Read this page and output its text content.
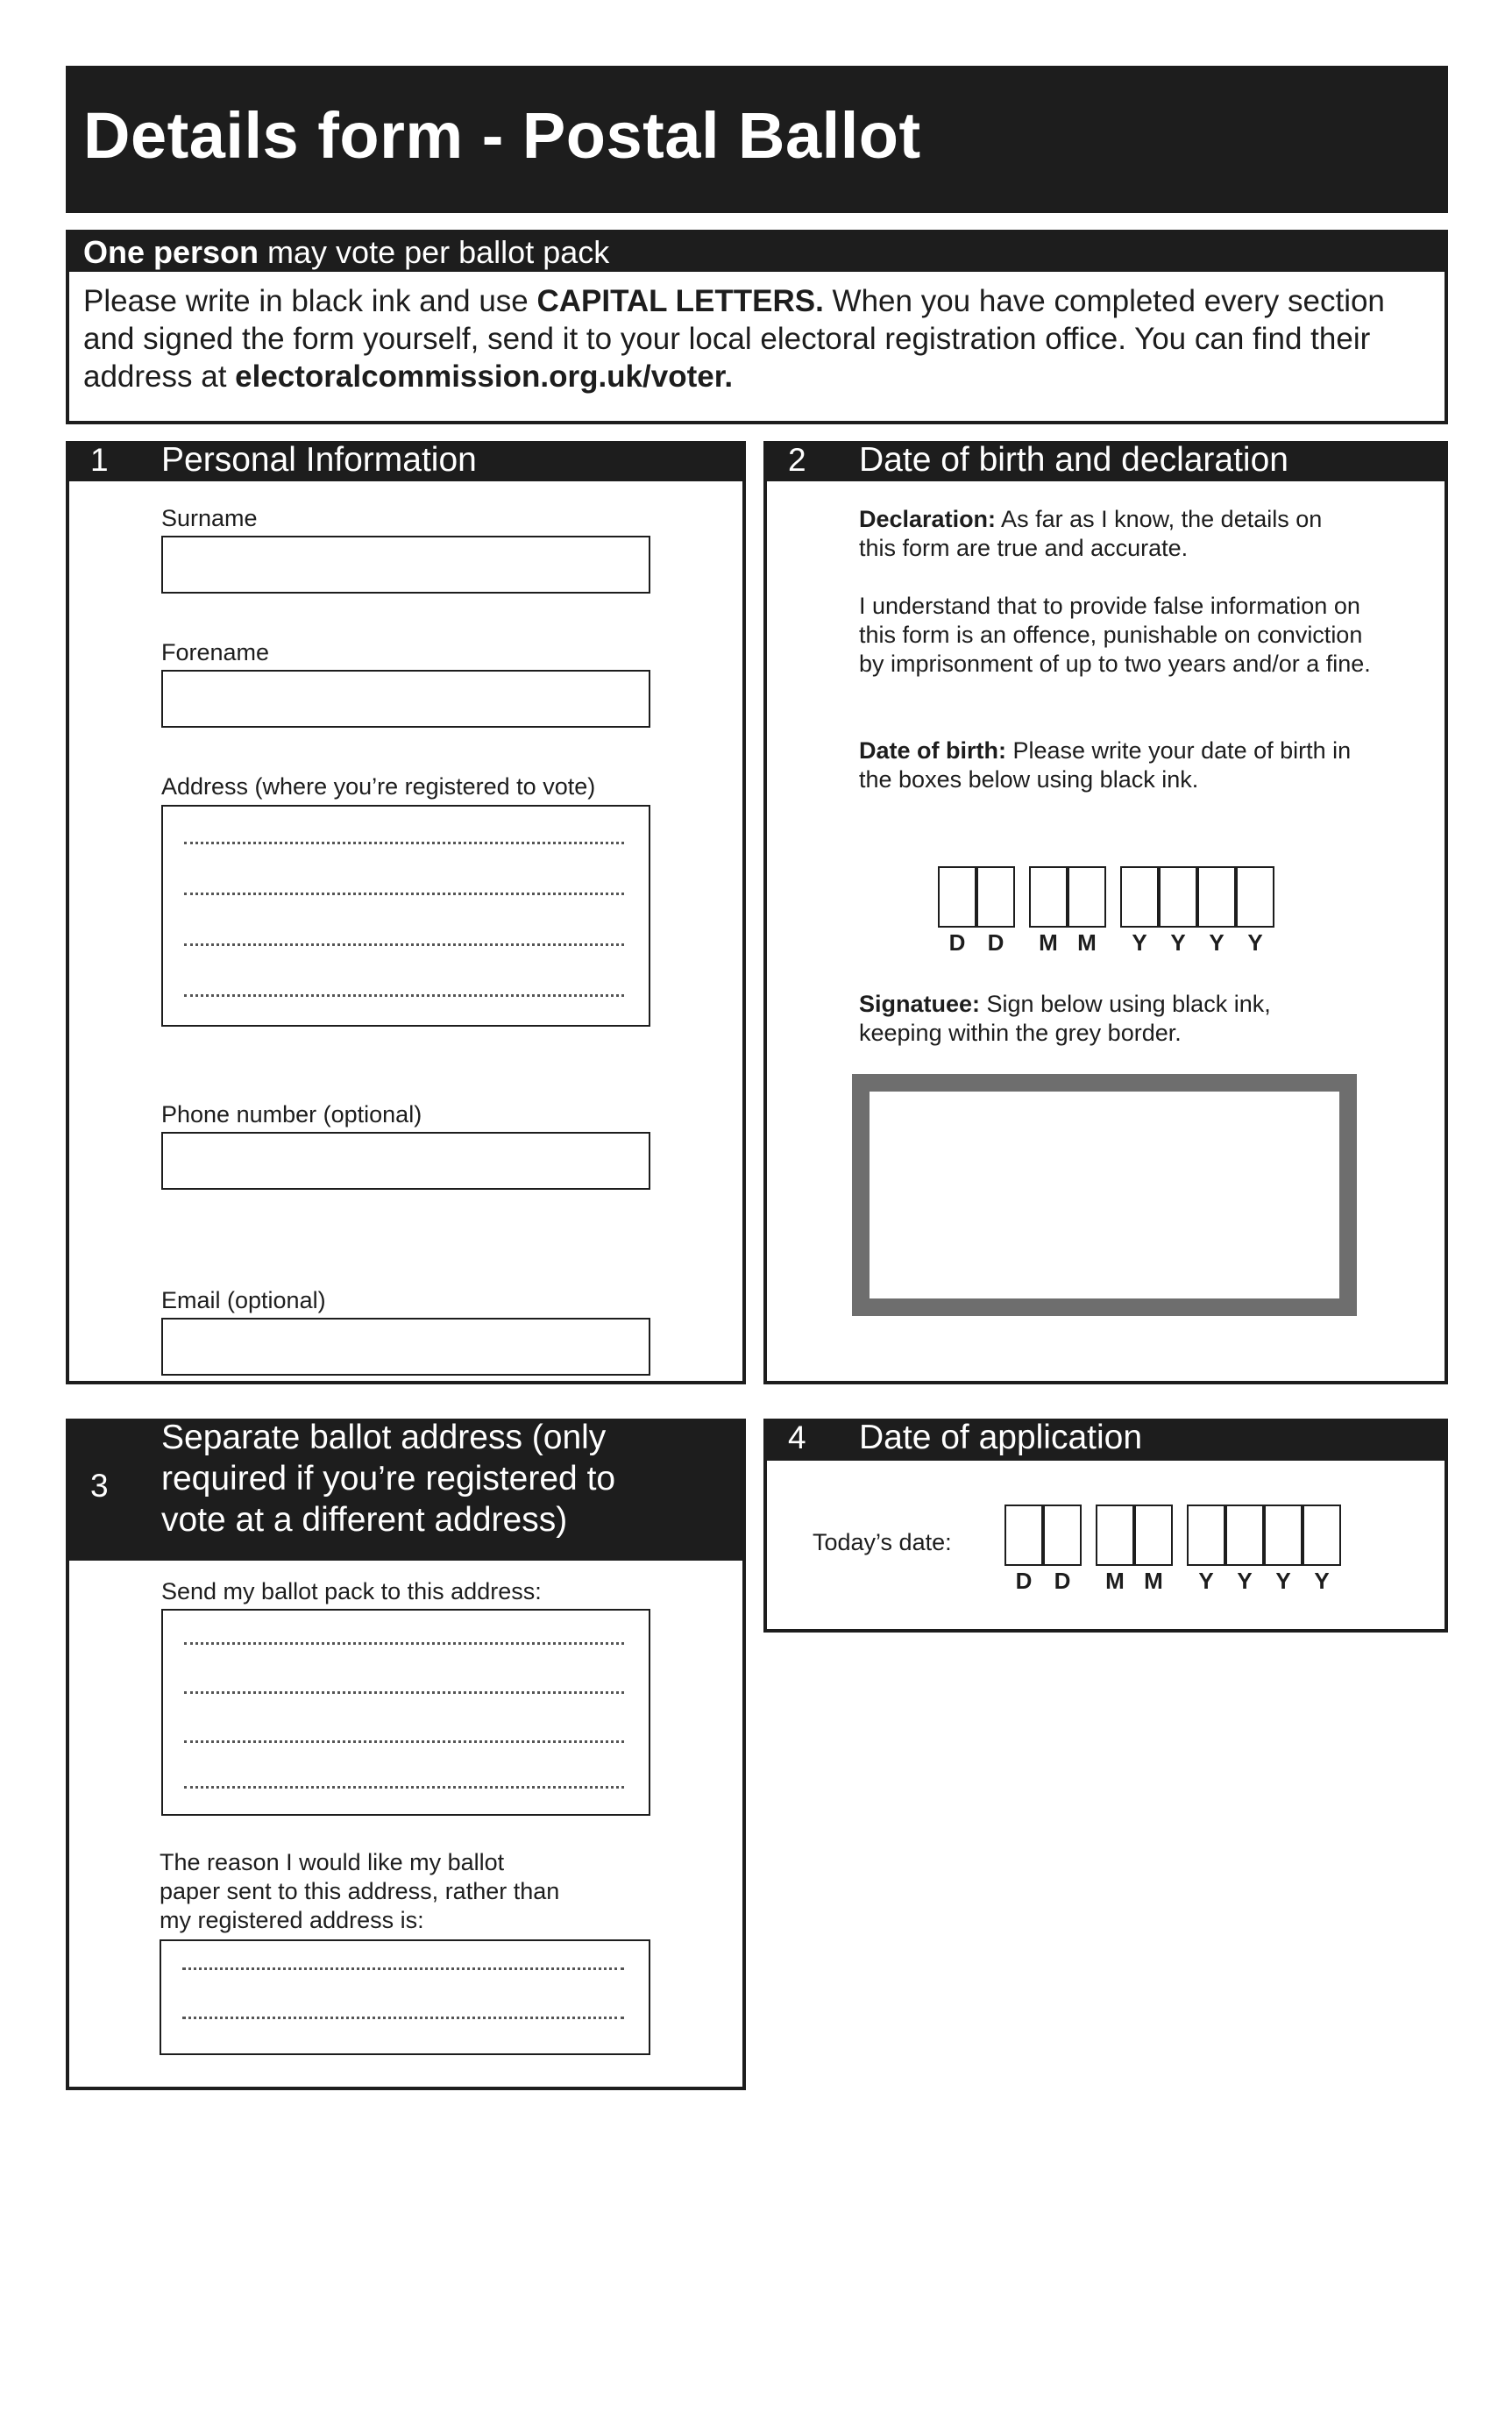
Details form - Postal Ballot
One person may vote per ballot pack
Please write in black ink and use CAPITAL LETTERS. When you have completed every section and signed the form yourself, send it to your local electoral registration office. You can find their address at electoralcommission.org.uk/voter.
1 Personal Information
Surname
Forename
Address (where you’re registered to vote)
Phone number (optional)
Email (optional)
2 Date of birth and declaration
Declaration: As far as I know, the details on this form are true and accurate.
I understand that to provide false information on this form is an offence, punishable on conviction by imprisonment of up to two years and/or a fine.
Date of birth: Please write your date of birth in the boxes below using black ink.
D D	M M	Y	Y	Y	Y
Signatuee: Sign below using black ink, keeping within the grey border.
3
Separate ballot address (only
required if you’re registered to
vote at a different address)
Send my ballot pack to this address:
The reason I would like my ballot
paper sent to this address, rather than
my registered address is:
4 Date of application
Today’s date:
D D	M M	Y	Y	Y	Y
